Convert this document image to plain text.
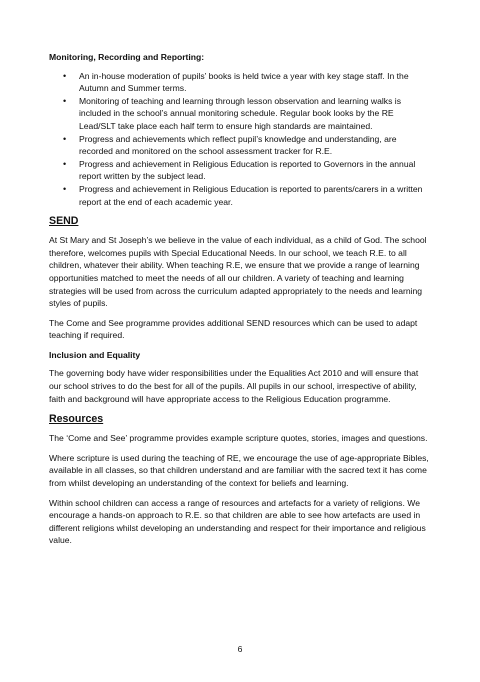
Monitoring, Recording and Reporting:
• An in-house moderation of pupils’ books is held twice a year with key stage staff. In the Autumn and Summer terms.
• Monitoring of teaching and learning through lesson observation and learning walks is included in the school’s annual monitoring schedule. Regular book looks by the RE Lead/SLT take place each half term to ensure high standards are maintained.
• Progress and achievements which reflect pupil’s knowledge and understanding, are recorded and monitored on the school assessment tracker for R.E.
• Progress and achievement in Religious Education is reported to Governors in the annual report written by the subject lead.
• Progress and achievement in Religious Education is reported to parents/carers in a written report at the end of each academic year.
SEND

At St Mary and St Joseph’s we believe in the value of each individual, as a child of God. The school therefore, welcomes pupils with Special Educational Needs. In our school, we teach R.E. to all children, whatever their ability. When teaching R.E, we ensure that we provide a range of learning opportunities matched to meet the needs of all our children. A variety of teaching and learning strategies will be used from across the curriculum adapted appropriately to the needs and learning styles of pupils.

The Come and See programme provides additional SEND resources which can be used to adapt teaching if required.

Inclusion and Equality

The governing body have wider responsibilities under the Equalities Act 2010 and will ensure that our school strives to do the best for all of the pupils. All pupils in our school, irrespective of ability, faith and background will have appropriate access to the Religious Education programme.

Resources

The ‘Come and See’ programme provides example scripture quotes, stories, images and questions.

Where scripture is used during the teaching of RE, we encourage the use of age-appropriate Bibles, available in all classes, so that children understand and are familiar with the sacred text it has come from whilst developing an understanding of the context for beliefs and learning.

Within school children can access a range of resources and artefacts for a variety of religions. We encourage a hands-on approach to R.E. so that children are able to see how artefacts are used in different religions whilst developing an understanding and respect for their importance and religious value.

6
